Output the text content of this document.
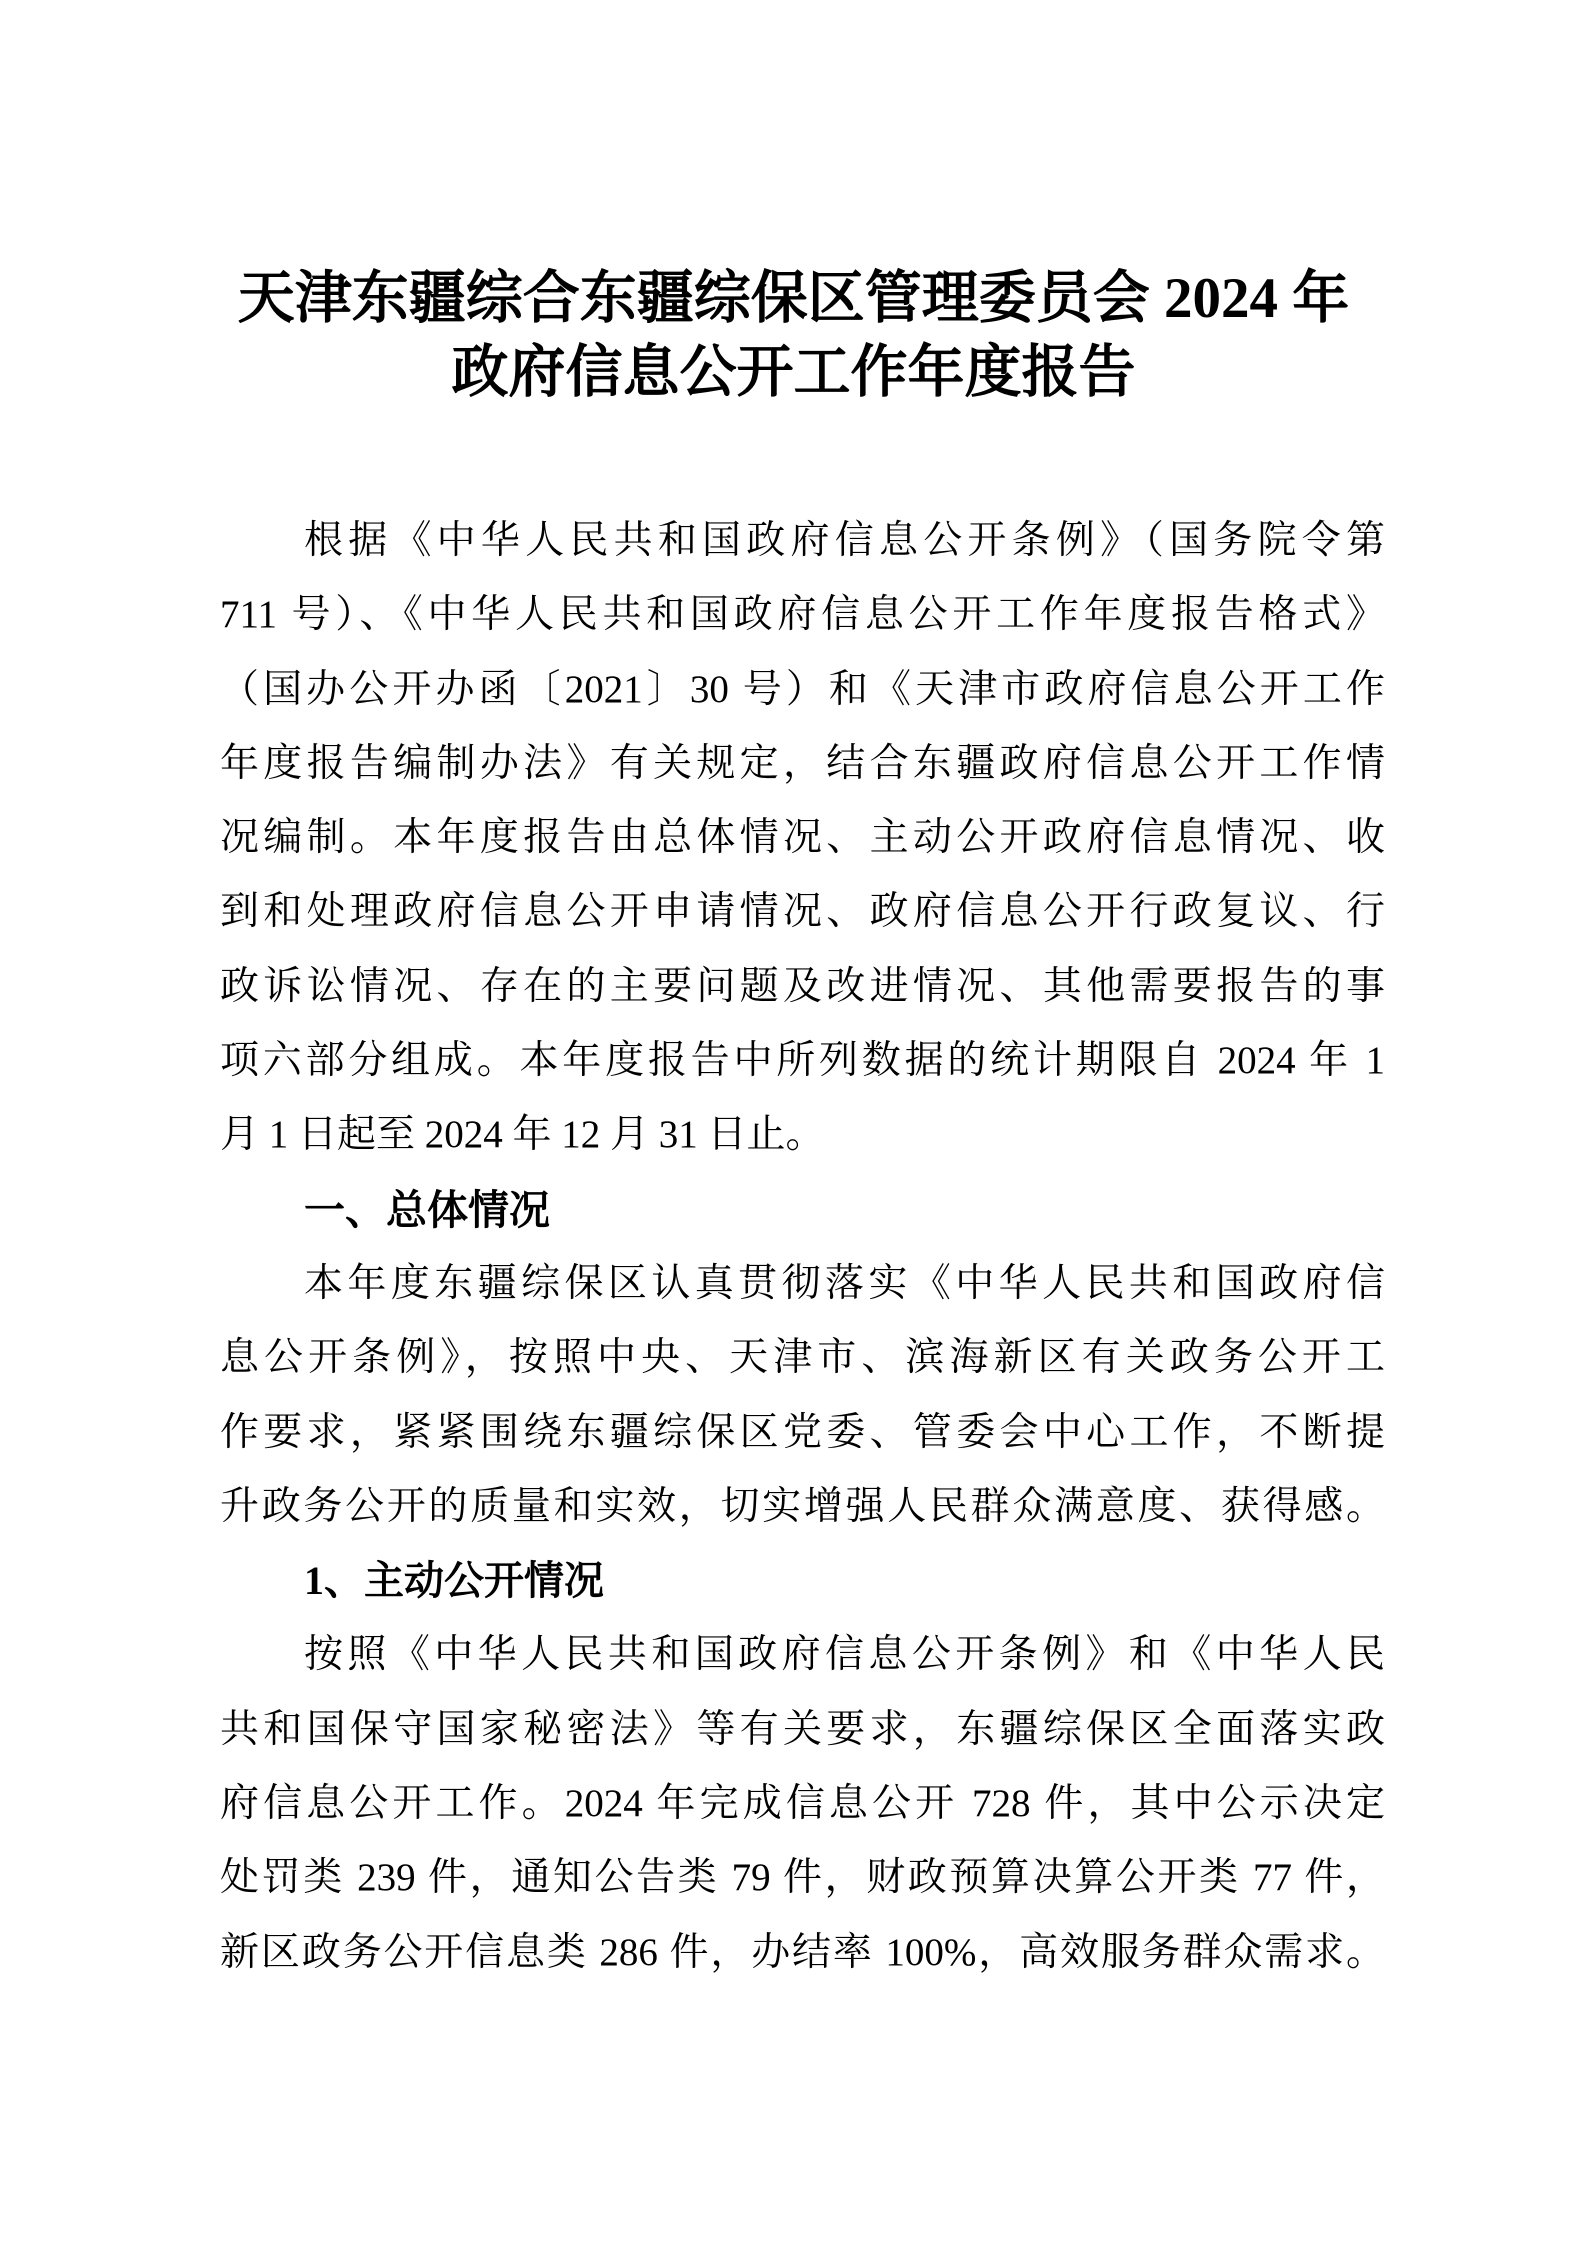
天津东疆综合东疆综保区管理委员会 2024 年
政府信息公开工作年度报告
根据《中华人民共和国政府信息公开条例》（国务院令第
711 号）、《中华人民共和国政府信息公开工作年度报告格式》
（国办公开办函〔2021〕30 号）和《天津市政府信息公开工作
年度报告编制办法》有关规定，结合东疆政府信息公开工作情
况编制。本年度报告由总体情况、主动公开政府信息情况、收
到和处理政府信息公开申请情况、政府信息公开行政复议、行
政诉讼情况、存在的主要问题及改进情况、其他需要报告的事
项六部分组成。本年度报告中所列数据的统计期限自 2024 年 1
月 1 日起至 2024 年 12 月 31 日止。
一、总体情况
本年度东疆综保区认真贯彻落实《中华人民共和国政府信
息公开条例》，按照中央、天津市、滨海新区有关政务公开工
作要求，紧紧围绕东疆综保区党委、管委会中心工作，不断提
升政务公开的质量和实效，切实增强人民群众满意度、获得感。
1、主动公开情况
按照《中华人民共和国政府信息公开条例》和《中华人民
共和国保守国家秘密法》等有关要求，东疆综保区全面落实政
府信息公开工作。2024 年完成信息公开 728 件，其中公示决定
处罚类 239 件，通知公告类 79 件，财政预算决算公开类 77 件，
新区政务公开信息类 286 件，办结率 100%，高效服务群众需求。
